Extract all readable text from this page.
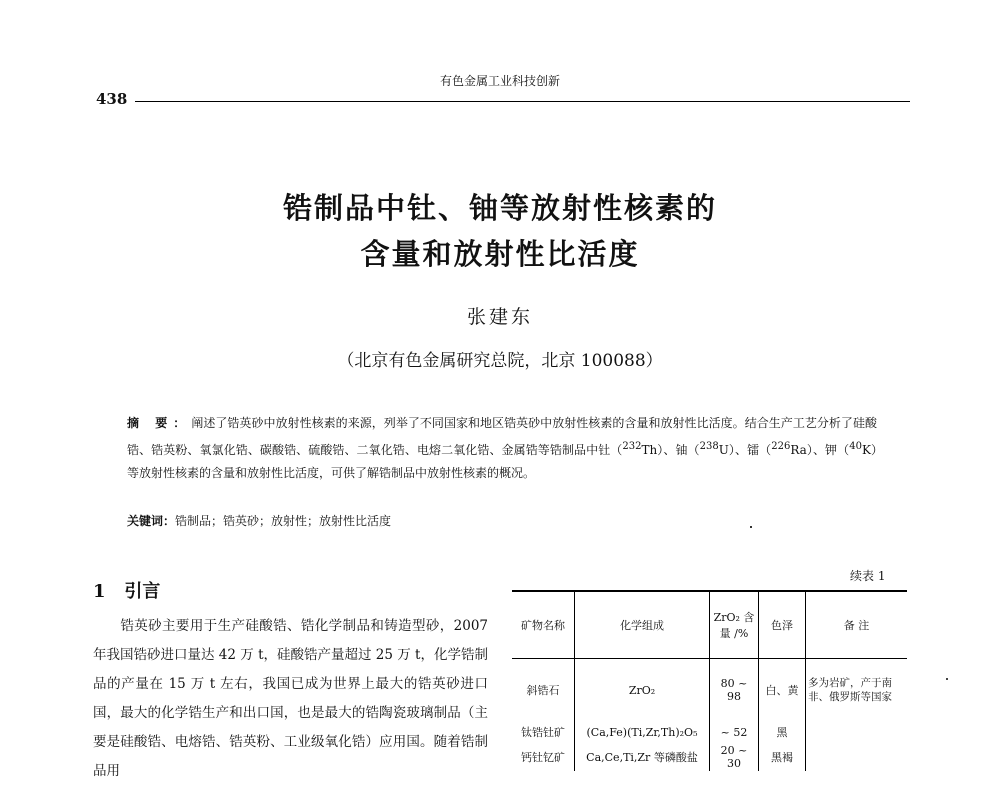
有色金属工业科技创新
438
锆制品中钍、铀等放射性核素的
含量和放射性比活度
张建东
（北京有色金属研究总院，北京 100088）
摘 要：阐述了锆英砂中放射性核素的来源，列举了不同国家和地区锆英砂中放射性核素的含量和放射性比活度。结合生产工艺分析了硅酸锆、锆英粉、氧氯化锆、碳酸锆、硫酸锆、二氧化锆、电熔二氧化锆、金属锆等锆制品中钍（$^{232}$Th）、铀（$^{238}$U）、镭（$^{226}$Ra）、钾（$^{40}$K）等放射性核素的含量和放射性比活度，可供了解锆制品中放射性核素的概况。
关键词：锆制品；锆英砂；放射性；放射性比活度
1 引言
  锆英砂主要用于生产硅酸锆、锆化学制品和铸造型砂，2007 年我国锆砂进口量达 42 万 t，硅酸锆产量超过 25 万 t，化学锆制品的产量在 15 万 t 左右，我国已成为世界上最大的锆英砂进口国，最大的化学锆生产和出口国，也是最大的锆陶瓷玻璃制品（主要是硅酸锆、电熔锆、锆英粉、工业级氧化锆）应用国。随着锆制品用
续表 1
矿物名称	化学组成	ZrO₂ 含量 /%	色泽	备 注
斜锆石	ZrO₂	80 ~ 98	白、黄	多为岩矿，产于南非、俄罗斯等国家
钛锆钍矿	(Ca,Fe)(Ti,Zr,Th)₂O₅	~ 52	黑	
钙钍钇矿	Ca,Ce,Ti,Zr 等磷酸盐	20 ~ 30	黑褐	
